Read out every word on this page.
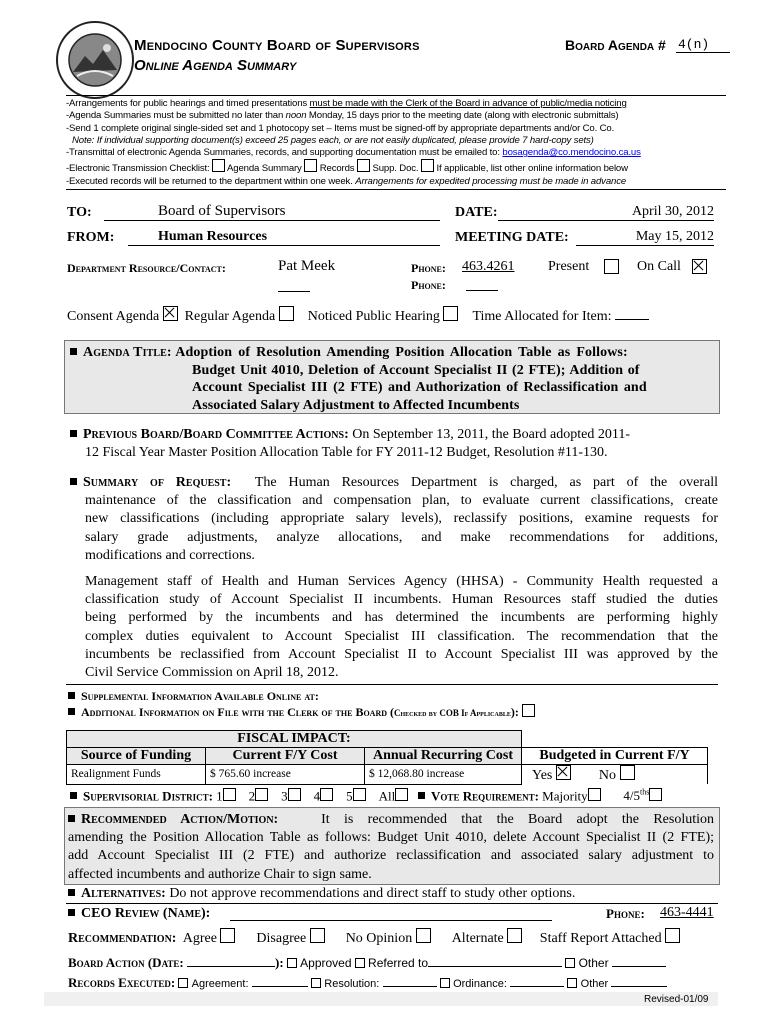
Mendocino County Board of Supervisors
Online Agenda Summary
Board Agenda # 4(n)
-Arrangements for public hearings and timed presentations must be made with the Clerk of the Board in advance of public/media noticing
-Agenda Summaries must be submitted no later than noon Monday, 15 days prior to the meeting date (along with electronic submittals)
-Send 1 complete original single-sided set and 1 photocopy set – Items must be signed-off by appropriate departments and/or Co. Co.
Note: If individual supporting document(s) exceed 25 pages each, or are not easily duplicated, please provide 7 hard-copy sets)
-Transmittal of electronic Agenda Summaries, records, and supporting documentation must be emailed to: bosagenda@co.mendocino.ca.us
-Electronic Transmission Checklist: Agenda Summary Records Supp. Doc. If applicable, list other online information below
-Executed records will be returned to the department within one week. Arrangements for expedited processing must be made in advance
TO:	Board of Supervisors	DATE:	April 30, 2012
FROM:	Human Resources	MEETING DATE:	May 15, 2012
Department Resource/Contact:	Pat Meek	Phone: 463.4261
Phone:
Present	On Call
Consent Agenda Regular Agenda Noticed Public Hearing Time Allocated for Item:
Agenda Title: Adoption of Resolution Amending Position Allocation Table as Follows:
Budget Unit 4010, Deletion of Account Specialist II (2 FTE); Addition of
Account Specialist III (2 FTE) and Authorization of Reclassification and
Associated Salary Adjustment to Affected Incumbents
Previous Board/Board Committee Actions: On September 13, 2011, the Board adopted 2011-
12 Fiscal Year Master Position Allocation Table for FY 2011-12 Budget, Resolution #11-130.
Summary of Request: The Human Resources Department is charged, as part of the overall
maintenance of the classification and compensation plan, to evaluate current classifications, create
new classifications (including appropriate salary levels), reclassify positions, examine requests for
salary grade adjustments, analyze allocations, and make recommendations for additions,
modifications and corrections.
Management staff of Health and Human Services Agency (HHSA) - Community Health requested a
classification study of Account Specialist II incumbents. Human Resources staff studied the duties
being performed by the incumbents and has determined the incumbents are performing highly
complex duties equivalent to Account Specialist III classification. The recommendation that the
incumbents be reclassified from Account Specialist II to Account Specialist III was approved by the
Civil Service Commission on April 18, 2012.
Supplemental Information Available Online at:
Additional Information on File with the Clerk of the Board (Checked by COB If Applicable):
FISCAL IMPACT:			
Source of Funding	Current F/Y Cost	Annual Recurring Cost	Budgeted in Current F/Y
Realignment Funds	$ 765.60 increase	$ 12,068.80 increase	Yes No
Supervisorial District: 1 2 3 4 5 All	Vote Requirement: Majority	$4/5^{ths}$
Recommended Action/Motion:	It is recommended that the Board adopt the Resolution
amending the Position Allocation Table as follows: Budget Unit 4010, delete Account Specialist II (2 FTE);
add Account Specialist III (2 FTE) and authorize reclassification and associated salary adjustment to
affected incumbents and authorize Chair to sign same.
Alternatives: Do not approve recommendations and direct staff to study other options.
CEO Review (Name):	Phone: 463-4441
Recommendation: Agree	Disagree	No Opinion	Alternate	Staff Report Attached
Board Action (Date:	): Approved Referred to	Other
Records Executed: Agreement:	Resolution:	Ordinance:	Other
Revised-01/09
